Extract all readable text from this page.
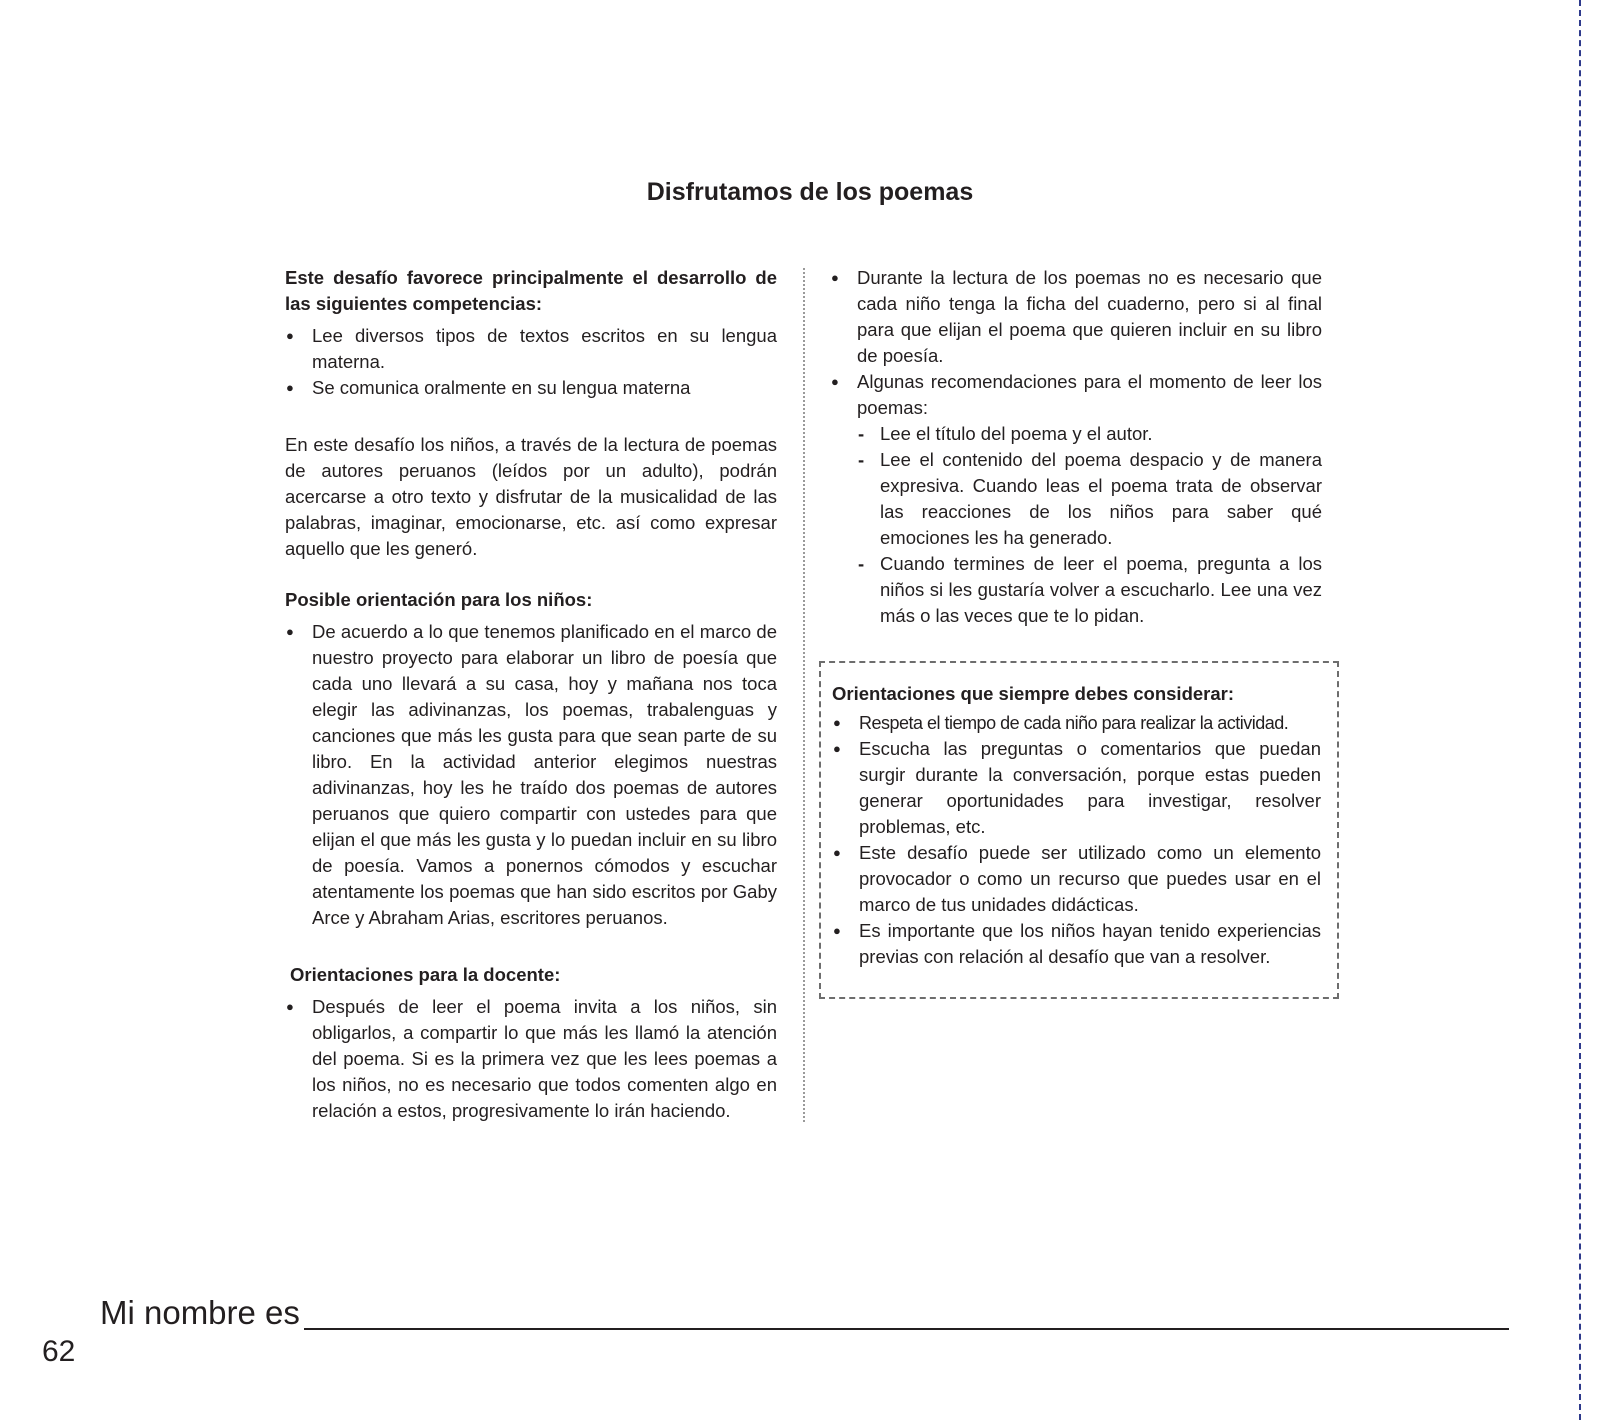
Disfrutamos de los poemas

Este desafío favorece principalmente el desarrollo de las siguientes competencias:

● Lee diversos tipos de textos escritos en su lengua materna.
● Se comunica oralmente en su lengua materna

En este desafío los niños, a través de la lectura de poemas de autores peruanos (leídos por un adulto), podrán acercarse a otro texto y disfrutar de la musicalidad de las palabras, imaginar, emocionarse, etc. así como expresar aquello que les generó.

Posible orientación para los niños:

● De acuerdo a lo que tenemos planificado en el marco de nuestro proyecto para elaborar un libro de poesía que cada uno llevará a su casa, hoy y mañana nos toca elegir las adivinanzas, los poemas, trabalenguas y canciones que más les gusta para que sean parte de su libro. En la actividad anterior elegimos nuestras adivinanzas, hoy les he traído dos poemas de autores peruanos que quiero compartir con ustedes para que elijan el que más les gusta y lo puedan incluir en su libro de poesía. Vamos a ponernos cómodos y escuchar atentamente los poemas que han sido escritos por Gaby Arce y Abraham Arias, escritores peruanos.

Orientaciones para la docente:

● Después de leer el poema invita a los niños, sin obligarlos, a compartir lo que más les llamó la atención del poema. Si es la primera vez que les lees poemas a los niños, no es necesario que todos comenten algo en relación a estos, progresivamente lo irán haciendo.
● Durante la lectura de los poemas no es necesario que cada niño tenga la ficha del cuaderno, pero si al final para que elijan el poema que quieren incluir en su libro de poesía.
● Algunas recomendaciones para el momento de leer los poemas:
- Lee el título del poema y el autor.
- Lee el contenido del poema despacio y de manera expresiva. Cuando leas el poema trata de observar las reacciones de los niños para saber qué emociones les ha generado.
- Cuando termines de leer el poema, pregunta a los niños si les gustaría volver a escucharlo. Lee una vez más o las veces que te lo pidan.

Orientaciones que siempre debes considerar:

● Respeta el tiempo de cada niño para realizar la actividad.
● Escucha las preguntas o comentarios que puedan surgir durante la conversación, porque estas pueden generar oportunidades para investigar, resolver problemas, etc.
● Este desafío puede ser utilizado como un elemento provocador o como un recurso que puedes usar en el marco de tus unidades didácticas.
● Es importante que los niños hayan tenido experiencias previas con relación al desafío que van a resolver.
Mi nombre es
62
